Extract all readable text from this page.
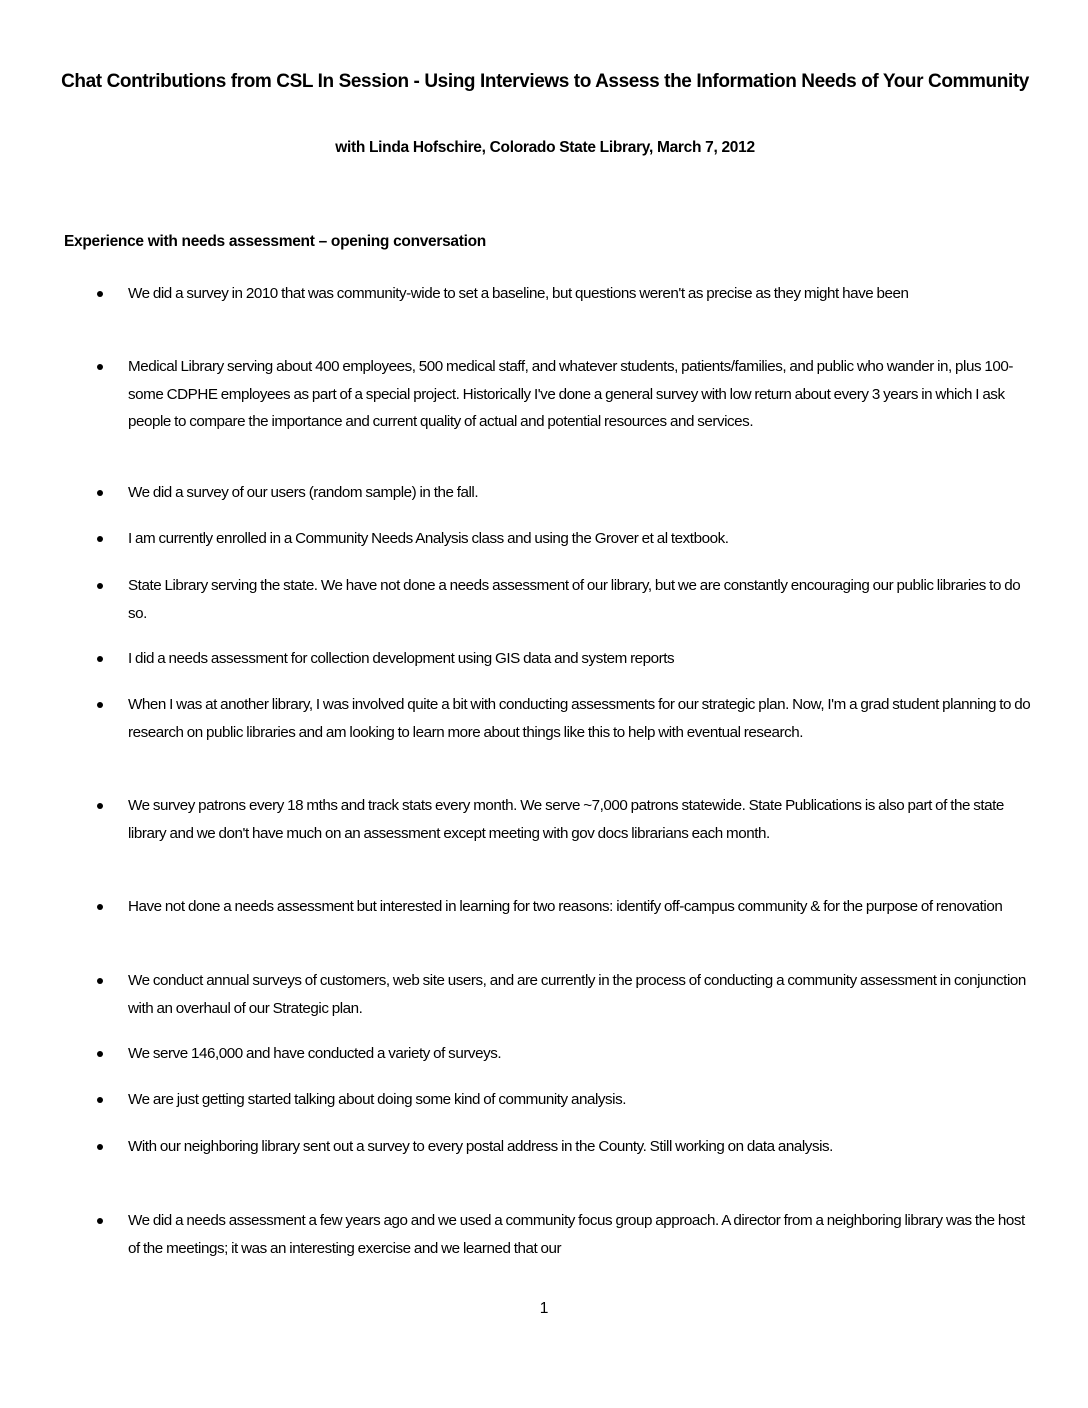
Chat Contributions from CSL In Session - Using Interviews to Assess the Information Needs of Your Community

with Linda Hofschire, Colorado State Library, March 7, 2012

Experience with needs assessment – opening conversation
We did a survey in 2010 that was community-wide to set a baseline, but questions weren't as precise as they might have been
Medical Library serving about 400 employees, 500 medical staff, and whatever students, patients/families, and public who wander in, plus 100-some CDPHE employees as part of a special project. Historically I've done a general survey with low return about every 3 years in which I ask people to compare the importance and current quality of actual and potential resources and services.
We did a survey of our users (random sample) in the fall.
I am currently enrolled in a Community Needs Analysis class and using the Grover et al textbook.
State Library serving the state. We have not done a needs assessment of our library, but we are constantly encouraging our public libraries to do so.
I did a needs assessment for collection development using GIS data and system reports
When I was at another library, I was involved quite a bit with conducting assessments for our strategic plan. Now, I'm a grad student planning to do research on public libraries and am looking to learn more about things like this to help with eventual research.
We survey patrons every 18 mths and track stats every month. We serve ~7,000 patrons statewide. State Publications is also part of the state library and we don't have much on an assessment except meeting with gov docs librarians each month.
Have not done a needs assessment but interested in learning for two reasons: identify off-campus community & for the purpose of renovation
We conduct annual surveys of customers, web site users, and are currently in the process of conducting a community assessment in conjunction with an overhaul of our Strategic plan.
We serve 146,000 and have conducted a variety of surveys.
We are just getting started talking about doing some kind of community analysis.
With our neighboring library sent out a survey to every postal address in the County. Still working on data analysis.
We did a needs assessment a few years ago and we used a community focus group approach. A director from a neighboring library was the host of the meetings; it was an interesting exercise and we learned that our
1
